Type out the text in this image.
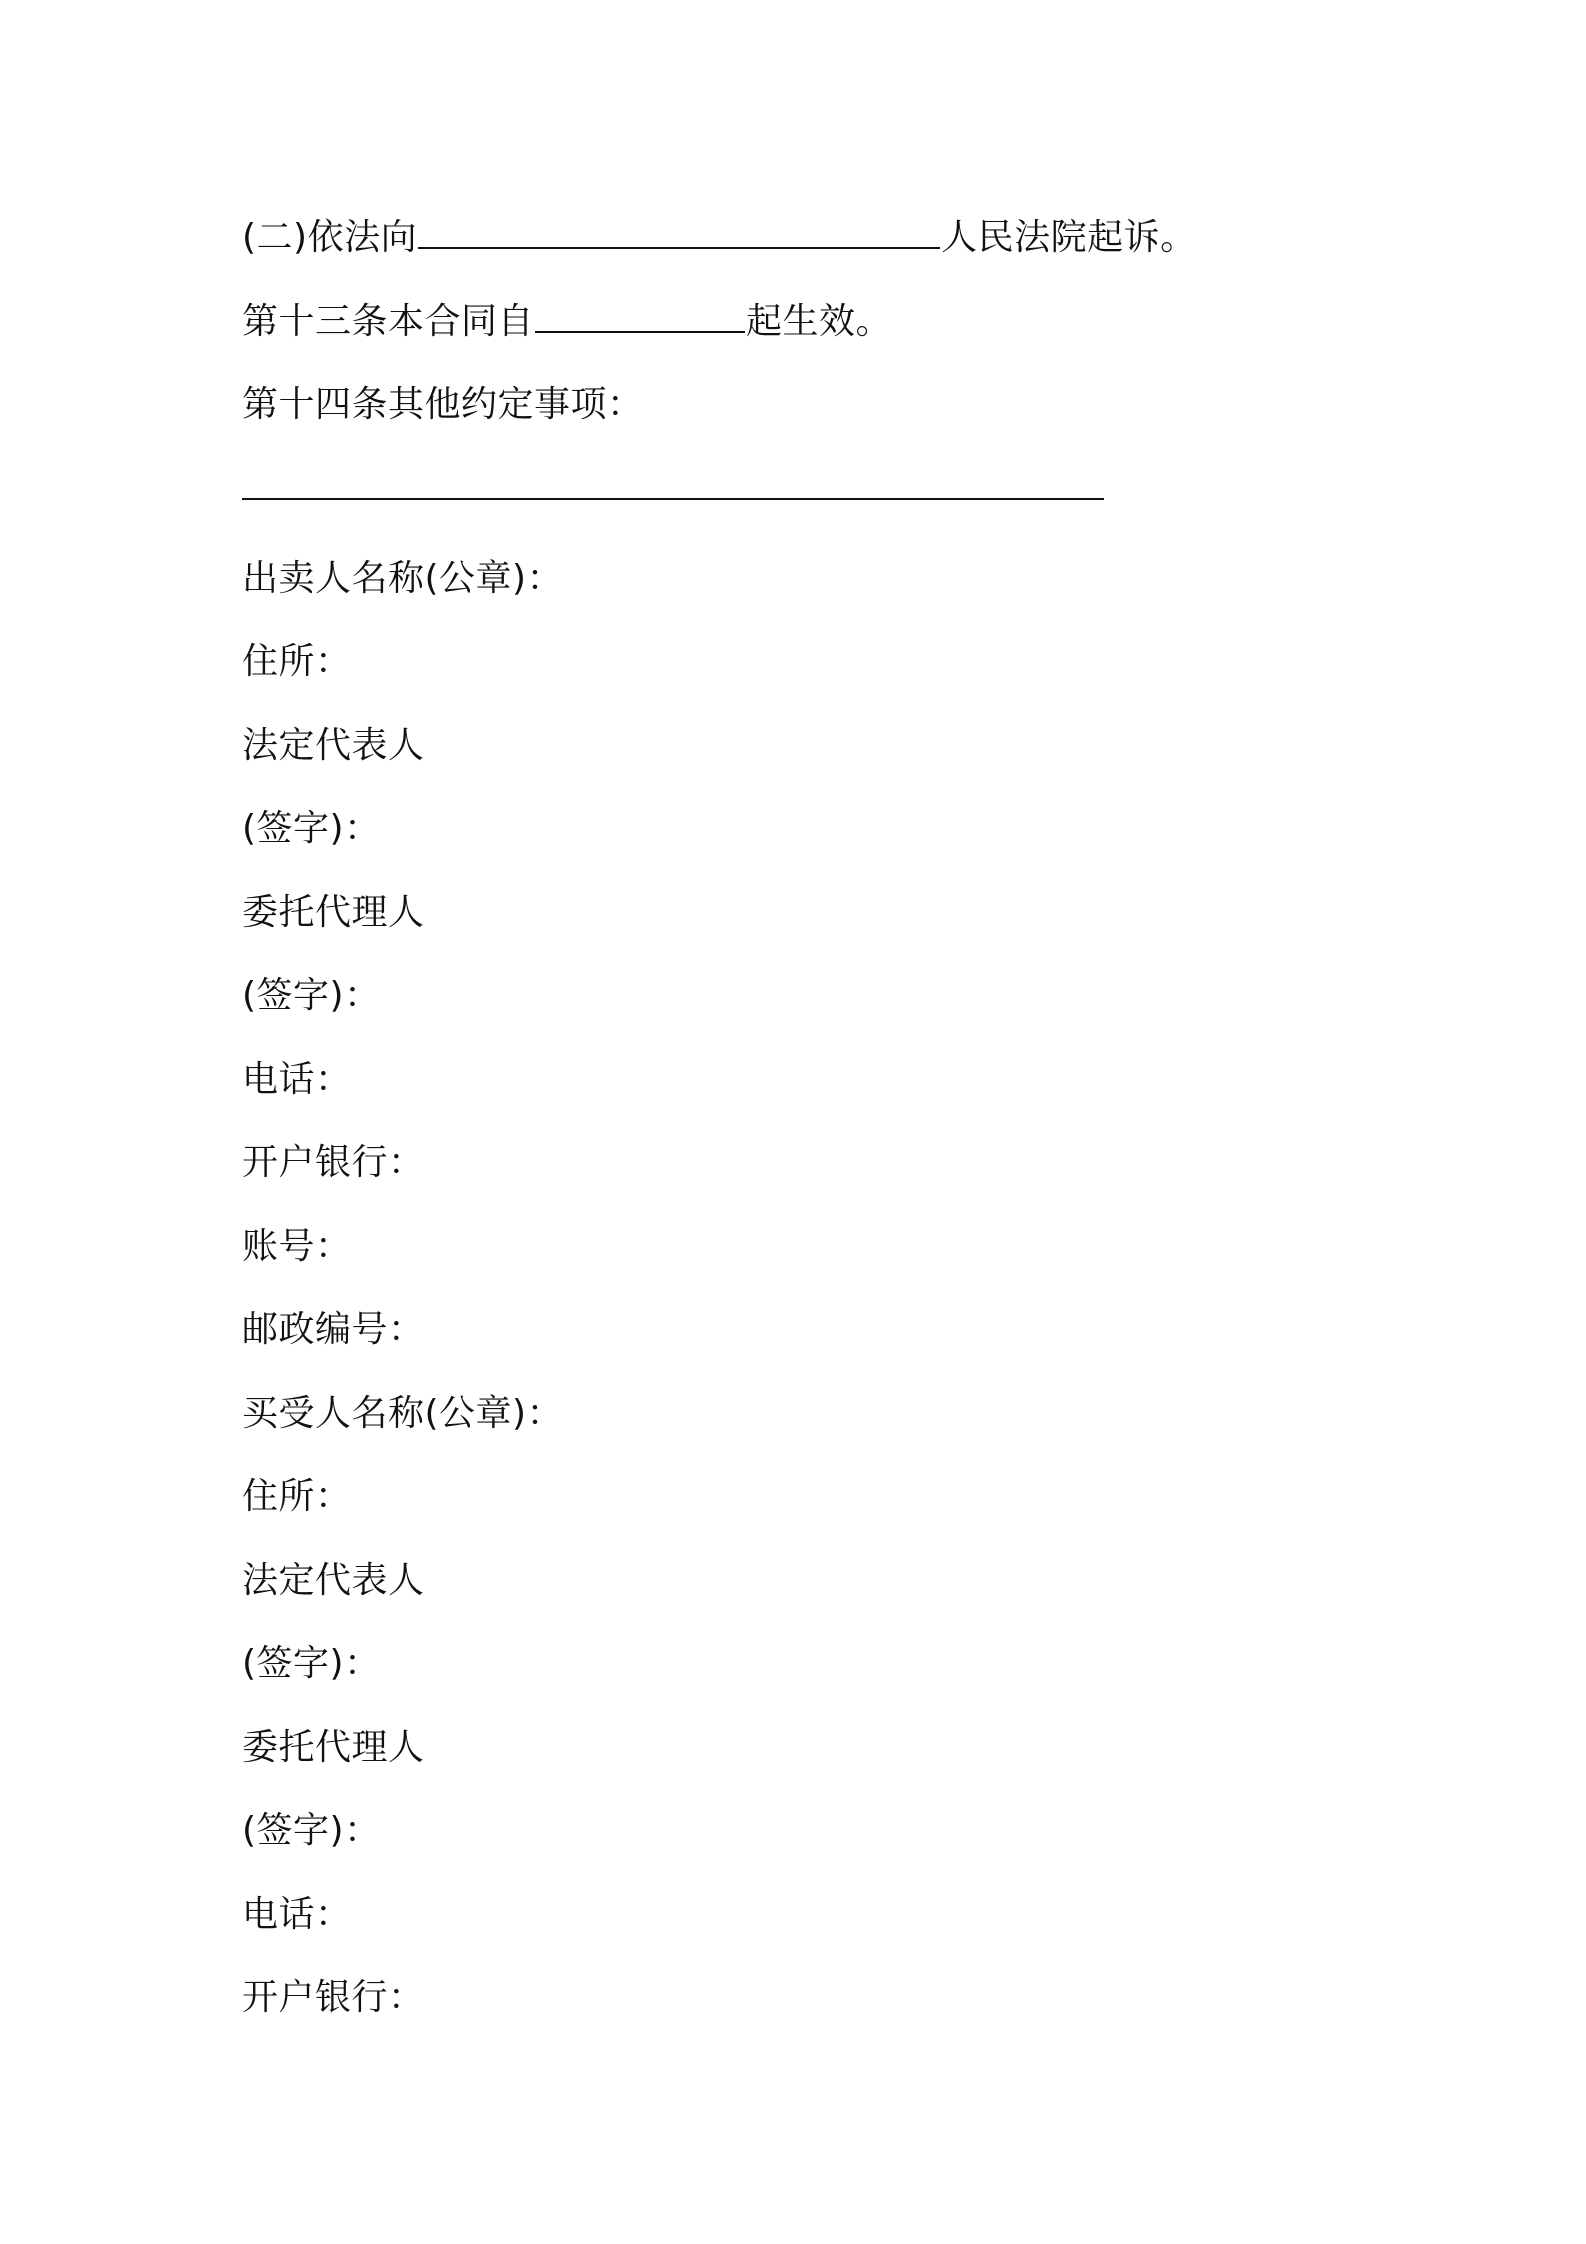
(二)依法向	人民法院起诉。
第十三条本合同自	起生效。
第十四条其他约定事项：
出卖人名称(公章)：
住所：
法定代表人
(签字)：
委托代理人
(签字)：
电话：
开户银行：
账号：
邮政编号：
买受人名称(公章)：
住所：
法定代表人
(签字)：
委托代理人
(签字)：
电话：
开户银行：
